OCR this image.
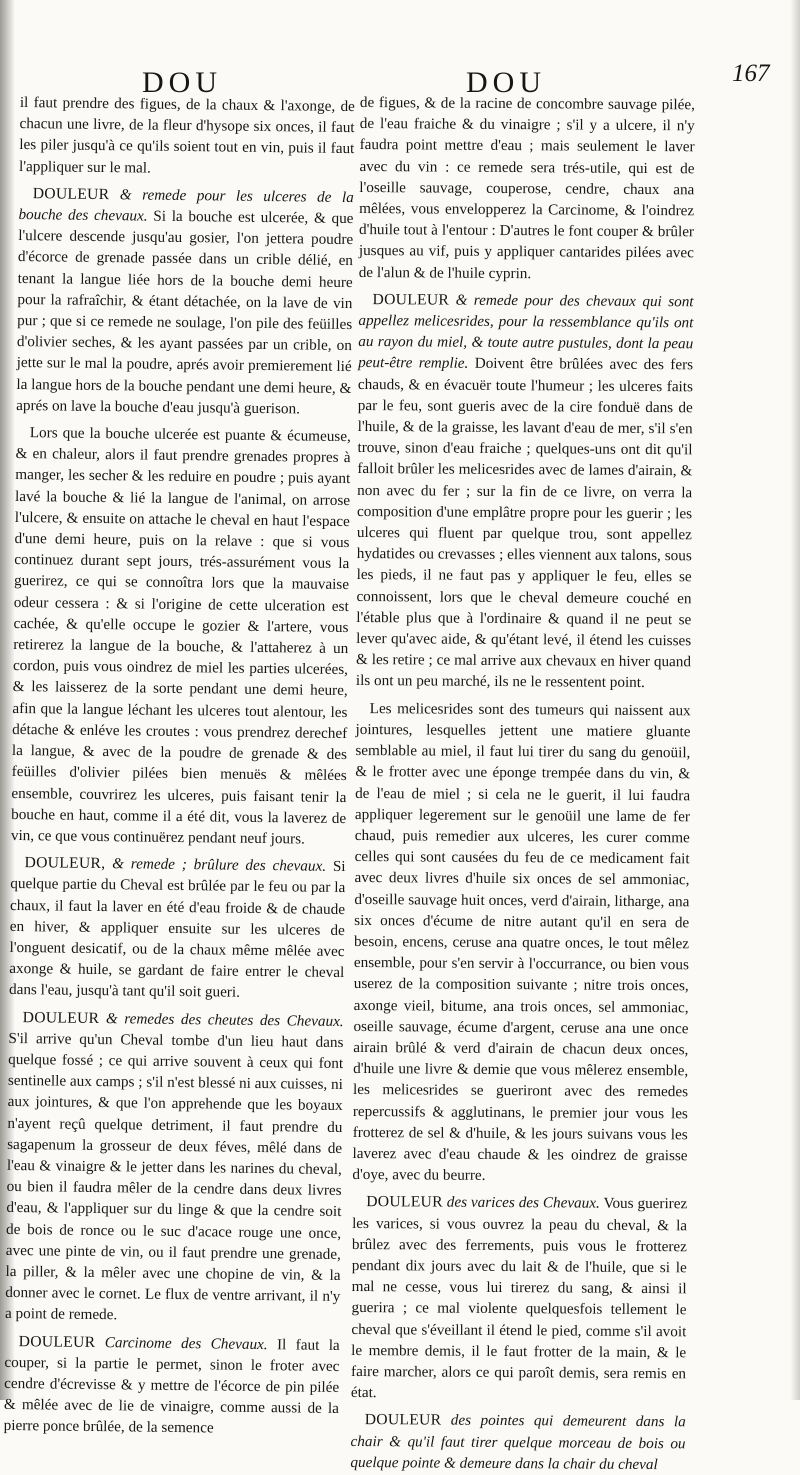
DOU	DOU	167

il faut prendre des figues, de la chaux & l'axonge, de chacun une livre, de la fleur d'hysope six onces, il faut les piler jusqu'à ce qu'ils soient tout en vin, puis il faut l'appliquer sur le mal.

DOULEUR & remede pour les ulceres de la bouche des chevaux. Si la bouche est ulcerée, & que l'ulcere descende jusqu'au gosier, l'on jettera poudre d'écorce de grenade passée dans un crible délié, en tenant la langue liée hors de la bouche demi heure pour la rafraîchir, & étant détachée, on la lave de vin pur ; que si ce remede ne soulage, l'on pile des feüilles d'olivier seches, & les ayant passées par un crible, on jette sur le mal la poudre, aprés avoir premierement lié la langue hors de la bouche pendant une demi heure, & aprés on lave la bouche d'eau jusqu'à guerison.

Lors que la bouche ulcerée est puante & écumeuse, & en chaleur, alors il faut prendre grenades propres à manger, les secher & les reduire en poudre ; puis ayant lavé la bouche & lié la langue de l'animal, on arrose l'ulcere, & ensuite on attache le cheval en haut l'espace d'une demi heure, puis on la relave : que si vous continuez durant sept jours, trés-assurément vous la guerirez, ce qui se connoîtra lors que la mauvaise odeur cessera : & si l'origine de cette ulceration est cachée, & qu'elle occupe le gozier & l'artere, vous retirerez la langue de la bouche, & l'attaherez à un cordon, puis vous oindrez de miel les parties ulcerées, & les laisserez de la sorte pendant une demi heure, afin que la langue léchant les ulceres tout alentour, les détache & enléve les croutes : vous prendrez derechef la langue, & avec de la poudre de grenade & des feüilles d'olivier pilées bien menuës & mêlées ensemble, couvrirez les ulceres, puis faisant tenir la bouche en haut, comme il a été dit, vous la laverez de vin, ce que vous continuërez pendant neuf jours.

DOULEUR, & remede ; brûlure des chevaux. Si quelque partie du Cheval est brûlée par le feu ou par la chaux, il faut la laver en été d'eau froide & de chaude en hiver, & appliquer ensuite sur les ulceres de l'onguent desicatif, ou de la chaux même mêlée avec axonge & huile, se gardant de faire entrer le cheval dans l'eau, jusqu'à tant qu'il soit gueri.

DOULEUR & remedes des cheutes des Chevaux. S'il arrive qu'un Cheval tombe d'un lieu haut dans quelque fossé ; ce qui arrive souvent à ceux qui font sentinelle aux camps ; s'il n'est blessé ni aux cuisses, ni aux jointures, & que l'on apprehende que les boyaux n'ayent reçû quelque detriment, il faut prendre du sagapenum la grosseur de deux féves, mêlé dans de l'eau & vinaigre & le jetter dans les narines du cheval, ou bien il faudra mêler de la cendre dans deux livres d'eau, & l'appliquer sur du linge & que la cendre soit de bois de ronce ou le suc d'acace rouge une once, avec une pinte de vin, ou il faut prendre une grenade, la piller, & la mêler avec une chopine de vin, & la donner avec le cornet. Le flux de ventre arrivant, il n'y a point de remede.

DOULEUR Carcinome des Chevaux. Il faut la couper, si la partie le permet, sinon le froter avec cendre d'écrevisse & y mettre de l'écorce de pin pilée & mêlée avec de lie de vinaigre, comme aussi de la pierre ponce brûlée, de la semence

de figues, & de la racine de concombre sauvage pilée, de l'eau fraiche & du vinaigre ; s'il y a ulcere, il n'y faudra point mettre d'eau ; mais seulement le laver avec du vin : ce remede sera trés-utile, qui est de l'oseille sauvage, couperose, cendre, chaux ana mêlées, vous envelopperez la Carcinome, & l'oindrez d'huile tout à l'entour : D'autres le font couper & brûler jusques au vif, puis y appliquer cantarides pilées avec de l'alun & de l'huile cyprin.

DOULEUR & remede pour des chevaux qui sont appellez melicesrides, pour la ressemblance qu'ils ont au rayon du miel, & toute autre pustules, dont la peau peut-être remplie. Doivent être brûlées avec des fers chauds, & en évacuër toute l'humeur ; les ulceres faits par le feu, sont gueris avec de la cire fonduë dans de l'huile, & de la graisse, les lavant d'eau de mer, s'il s'en trouve, sinon d'eau fraiche ; quelques-uns ont dit qu'il falloit brûler les melicesrides avec de lames d'airain, & non avec du fer ; sur la fin de ce livre, on verra la composition d'une emplâtre propre pour les guerir ; les ulceres qui fluent par quelque trou, sont appellez hydatides ou crevasses ; elles viennent aux talons, sous les pieds, il ne faut pas y appliquer le feu, elles se connoissent, lors que le cheval demeure couché en l'étable plus que à l'ordinaire & quand il ne peut se lever qu'avec aide, & qu'étant levé, il étend les cuisses & les retire ; ce mal arrive aux chevaux en hiver quand ils ont un peu marché, ils ne le ressentent point.

Les melicesrides sont des tumeurs qui naissent aux jointures, lesquelles jettent une matiere gluante semblable au miel, il faut lui tirer du sang du genoüil, & le frotter avec une éponge trempée dans du vin, & de l'eau de miel ; si cela ne le guerit, il lui faudra appliquer legerement sur le genoüil une lame de fer chaud, puis remedier aux ulceres, les curer comme celles qui sont causées du feu de ce medicament fait avec deux livres d'huile six onces de sel ammoniac, d'oseille sauvage huit onces, verd d'airain, litharge, ana six onces d'écume de nitre autant qu'il en sera de besoin, encens, ceruse ana quatre onces, le tout mêlez ensemble, pour s'en servir à l'occurrance, ou bien vous userez de la composition suivante ; nitre trois onces, axonge vieil, bitume, ana trois onces, sel ammoniac, oseille sauvage, écume d'argent, ceruse ana une once airain brûlé & verd d'airain de chacun deux onces, d'huile une livre & demie que vous mêlerez ensemble, les melicesrides se gueriront avec des remedes repercussifs & agglutinans, le premier jour vous les frotterez de sel & d'huile, & les jours suivans vous les laverez avec d'eau chaude & les oindrez de graisse d'oye, avec du beurre.

DOULEUR des varices des Chevaux. Vous guerirez les varices, si vous ouvrez la peau du cheval, & la brûlez avec des ferrements, puis vous le frotterez pendant dix jours avec du lait & de l'huile, que si le mal ne cesse, vous lui tirerez du sang, & ainsi il guerira ; ce mal violente quelquesfois tellement le cheval que s'éveillant il étend le pied, comme s'il avoit le membre demis, il le faut frotter de la main, & le faire marcher, alors ce qui paroît demis, sera remis en état.

DOULEUR des pointes qui demeurent dans la chair & qu'il faut tirer quelque morceau de bois ou quelque pointe & demeure dans la chair du cheval
